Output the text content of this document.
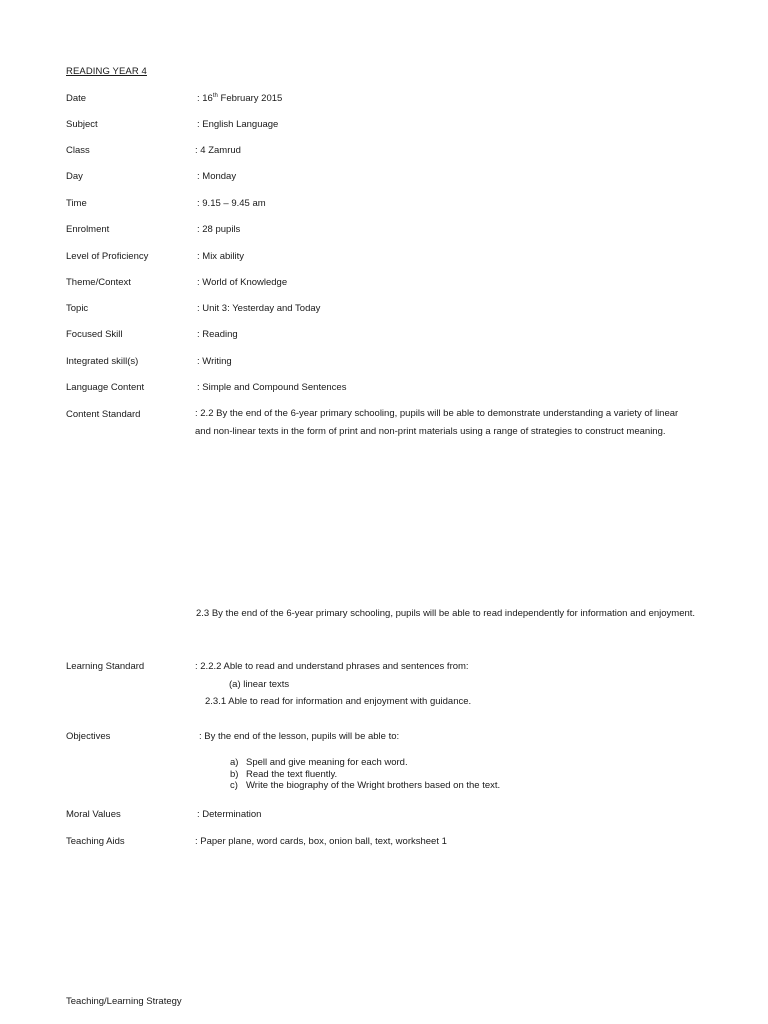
READING YEAR 4
Date	: 16th February 2015
Subject	: English Language
Class	: 4 Zamrud
Day	: Monday
Time	: 9.15 – 9.45 am
Enrolment	: 28 pupils
Level of Proficiency	: Mix ability
Theme/Context	: World of Knowledge
Topic	: Unit 3: Yesterday and Today
Focused Skill	: Reading
Integrated skill(s)	: Writing
Language Content	: Simple and Compound Sentences
Content Standard	: 2.2 By the end of the 6-year primary schooling, pupils will be able to demonstrate understanding a variety of linear and non-linear texts in the form of print and non-print materials using a range of strategies to construct meaning.
2.3 By the end of the 6-year primary schooling, pupils will be able to read independently for information and enjoyment.
Learning Standard	: 2.2.2 Able to read and understand phrases and sentences from:
(a) linear texts
2.3.1 Able to read for information and enjoyment with guidance.
Objectives	: By the end of the lesson, pupils will be able to:
a) Spell and give meaning for each word.
b) Read the text fluently.
c) Write the biography of the Wright brothers based on the text.
Moral Values	: Determination
Teaching Aids	: Paper plane, word cards, box, onion ball, text, worksheet 1
Teaching/Learning Strategy
